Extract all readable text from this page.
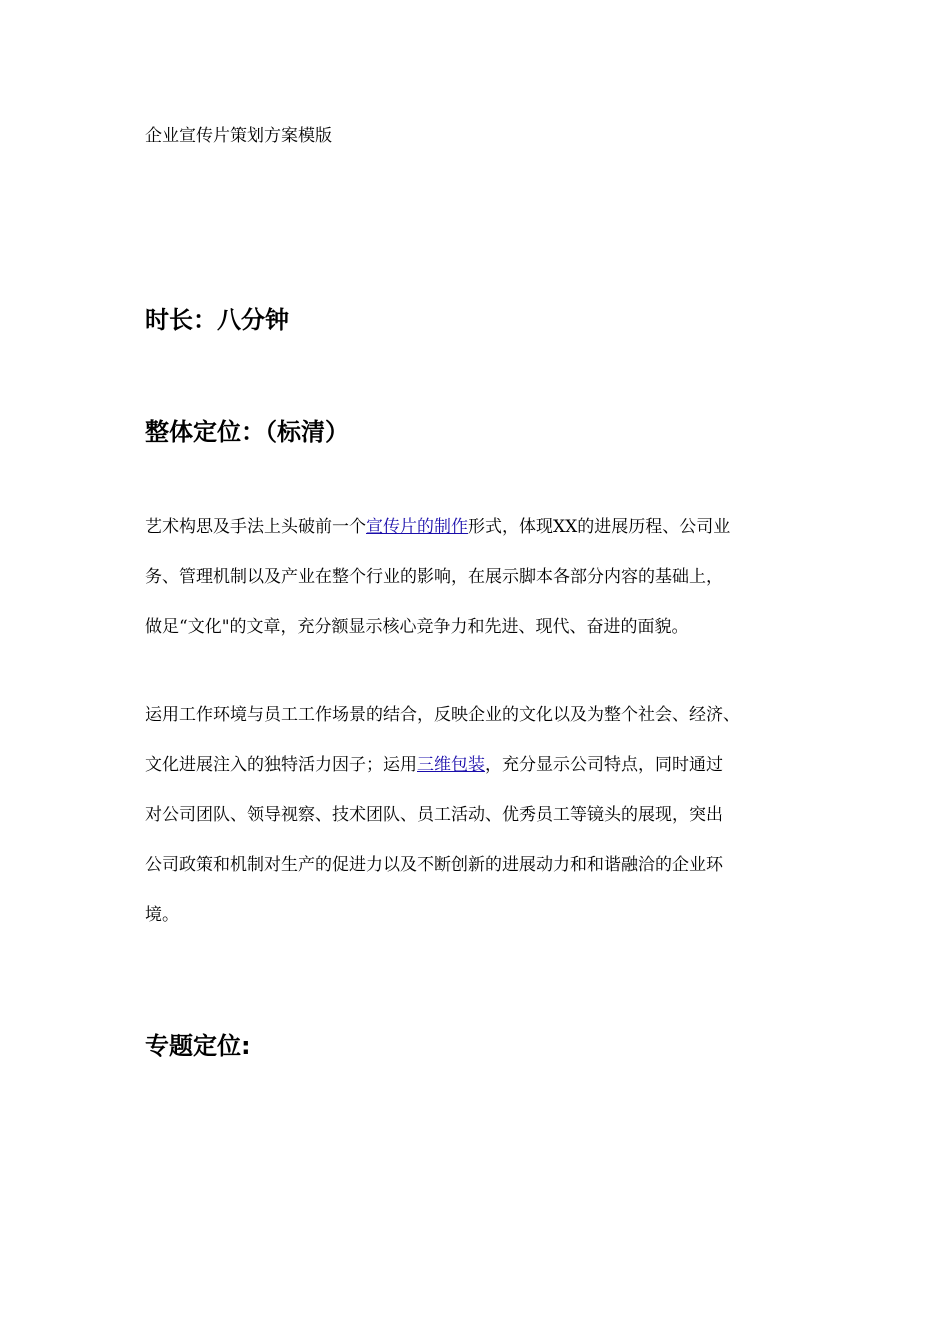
企业宣传片策划方案模版
时长：八分钟
整体定位：（标清）
艺术构思及手法上头破前一个宣传片的制作形式，体现XX的进展历程、公司业
务、管理机制以及产业在整个行业的影响，在展示脚本各部分内容的基础上，
做足“文化"的文章，充分额显示核心竞争力和先进、现代、奋进的面貌。
运用工作环境与员工工作场景的结合，反映企业的文化以及为整个社会、经济、
文化进展注入的独特活力因子；运用三维包装，充分显示公司特点，同时通过
对公司团队、领导视察、技术团队、员工活动、优秀员工等镜头的展现，突出
公司政策和机制对生产的促进力以及不断创新的进展动力和和谐融洽的企业环
境。
专题定位:
